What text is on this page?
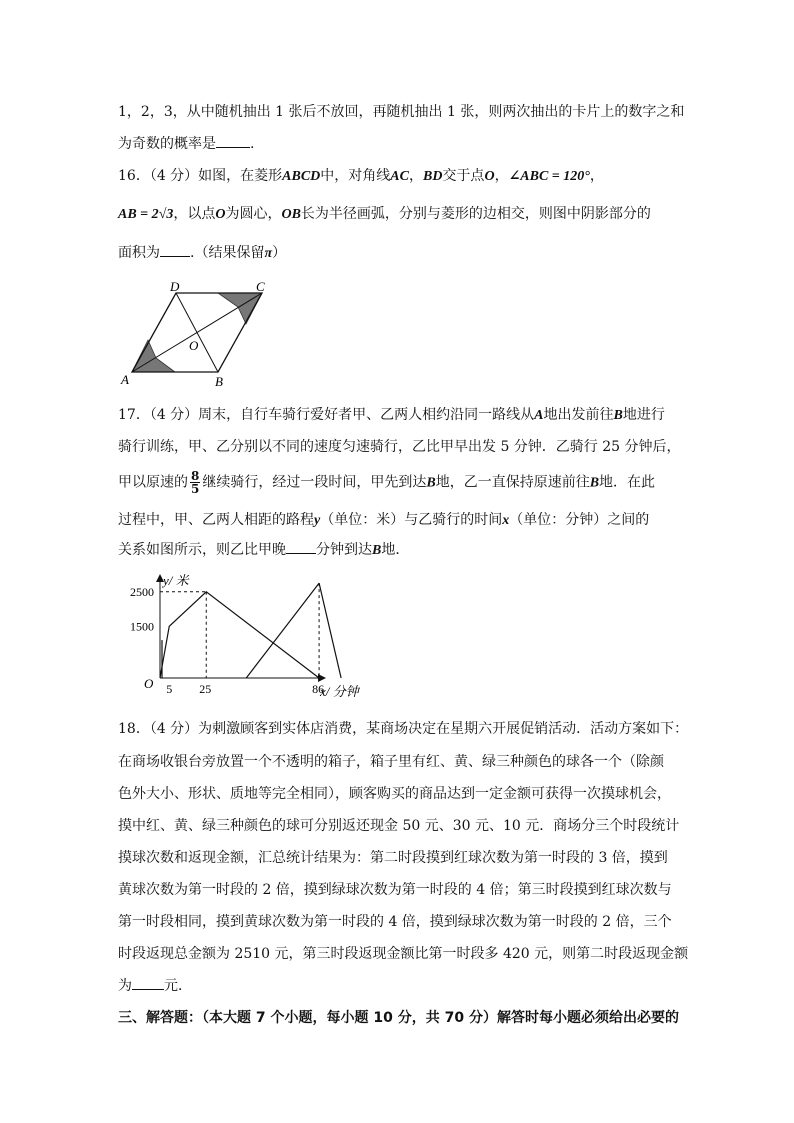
1，2，3，从中随机抽出 1 张后不放回，再随机抽出 1 张，则两次抽出的卡片上的数字之和
为奇数的概率是 .
16．（4 分）如图，在菱形ABCD中，对角线AC，BD交于点O，∠ABC = 120°，
AB = 2√3，以点O为圆心，OB长为半径画弧，分别与菱形的边相交，则图中阴影部分的
面积为 .（结果保留π）
A	B
C
D
O
17．（4 分）周末，自行车骑行爱好者甲、乙两人相约沿同一路线从A地出发前往B地进行
骑行训练，甲、乙分别以不同的速度匀速骑行，乙比甲早出发 5 分钟．乙骑行 25 分钟后，
甲以原速的 $\frac{8}{5}$ 继续骑行，经过一段时间，甲先到达B地，乙一直保持原速前往B地．在此
过程中，甲、乙两人相距的路程y（单位：米）与乙骑行的时间x（单位：分钟）之间的
关系如图所示，则乙比甲晚 分钟到达B地．
y/ 米
x/ 分钟
O
2500
1500
5 25	86
18．（4 分）为刺激顾客到实体店消费，某商场决定在星期六开展促销活动．活动方案如下：
在商场收银台旁放置一个不透明的箱子，箱子里有红、黄、绿三种颜色的球各一个（除颜
色外大小、形状、质地等完全相同），顾客购买的商品达到一定金额可获得一次摸球机会，
摸中红、黄、绿三种颜色的球可分别返还现金 50 元、30 元、10 元．商场分三个时段统计
摸球次数和返现金额，汇总统计结果为：第二时段摸到红球次数为第一时段的 3 倍，摸到
黄球次数为第一时段的 2 倍，摸到绿球次数为第一时段的 4 倍；第三时段摸到红球次数与
第一时段相同，摸到黄球次数为第一时段的 4 倍，摸到绿球次数为第一时段的 2 倍，三个
时段返现总金额为 2510 元，第三时段返现金额比第一时段多 420 元，则第二时段返现金额
为 元．
三、解答题：（本大题 7 个小题，每小题 10 分，共 70 分）解答时每小题必须给出必要的
